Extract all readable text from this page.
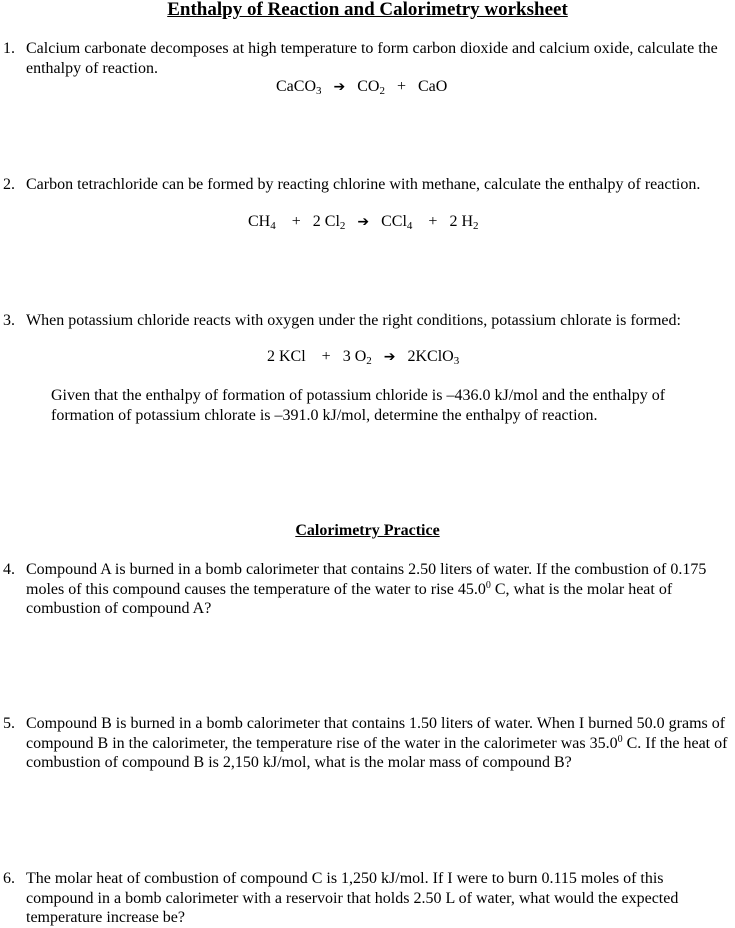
Enthalpy of Reaction and Calorimetry worksheet
1. Calcium carbonate decomposes at high temperature to form carbon dioxide and calcium oxide, calculate the enthalpy of reaction.
CaCO$_3$ ➔ $CO_2$ + CaO
2. Carbon tetrachloride can be formed by reacting chlorine with methane, calculate the enthalpy of reaction.
$CH_4 + 2$ $Cl_2$ ➔ CCl$_4$ + 2 $H_2$
3. When potassium chloride reacts with oxygen under the right conditions, potassium chlorate is formed:
2 KCl + 3 $O_2$ ➔ 2KClO$_3$
Given that the enthalpy of formation of potassium chloride is –436.0 kJ/mol and the enthalpy of formation of potassium chlorate is –391.0 kJ/mol, determine the enthalpy of reaction.
Calorimetry Practice
4. Compound A is burned in a bomb calorimeter that contains 2.50 liters of water. If the combustion of 0.175 moles of this compound causes the temperature of the water to rise 45.0$^0$ C, what is the molar heat of combustion of compound A?
5. Compound B is burned in a bomb calorimeter that contains 1.50 liters of water. When I burned 50.0 grams of compound B in the calorimeter, the temperature rise of the water in the calorimeter was 35.0$^0$ C. If the heat of combustion of compound B is 2,150 kJ/mol, what is the molar mass of compound B?
6. The molar heat of combustion of compound C is 1,250 kJ/mol. If I were to burn 0.115 moles of this compound in a bomb calorimeter with a reservoir that holds 2.50 L of water, what would the expected temperature increase be?
